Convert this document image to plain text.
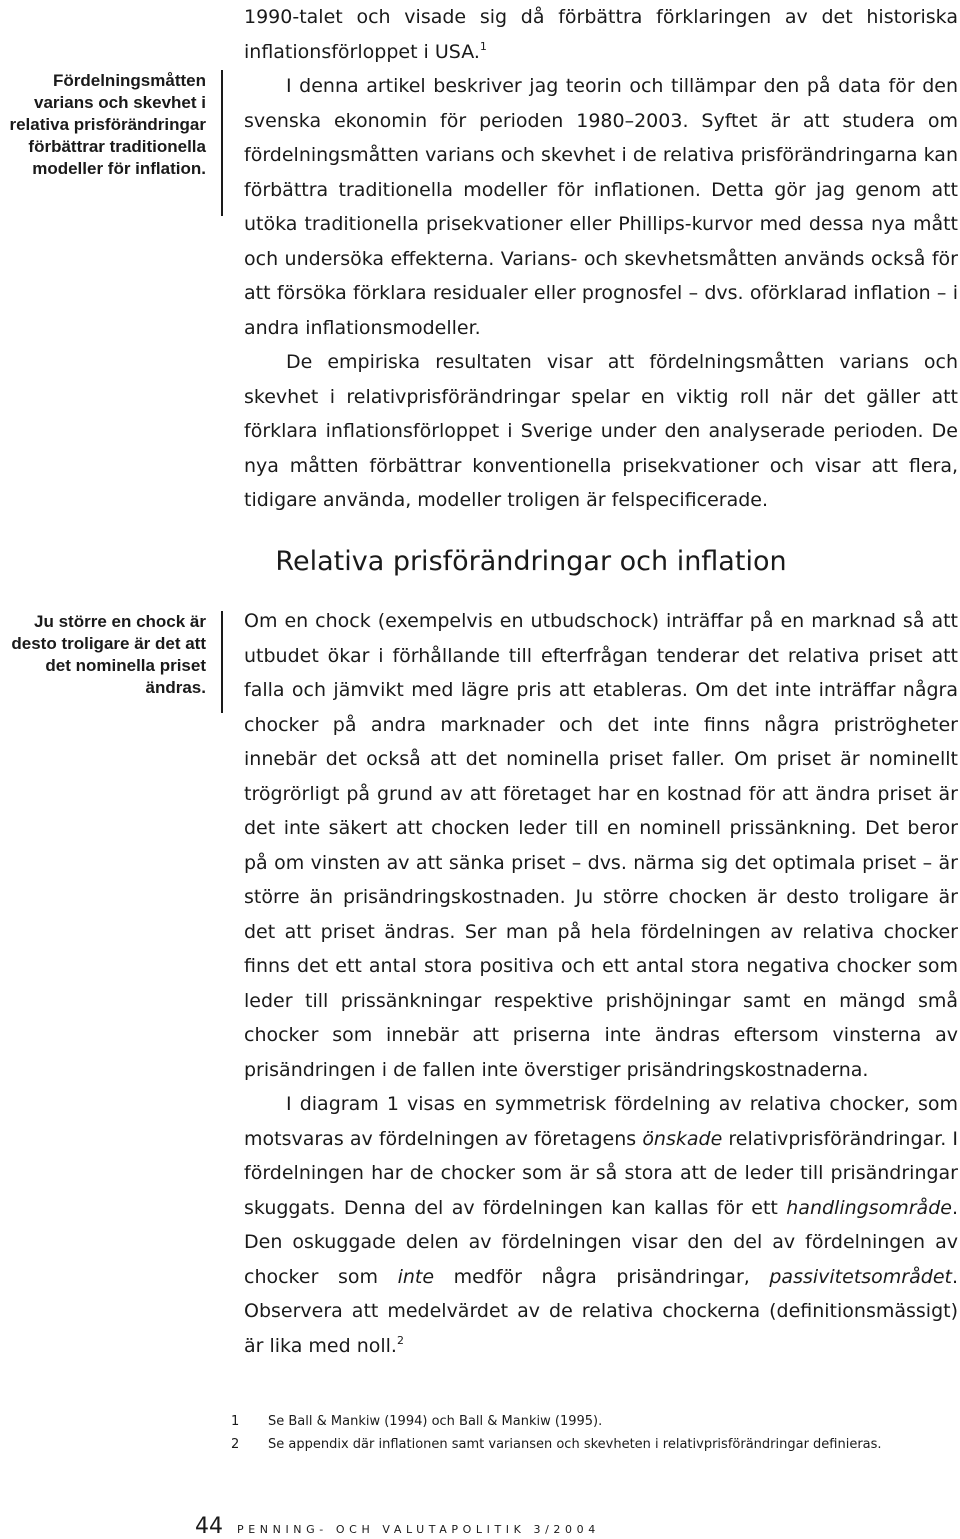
Fördelningsmåtten varians och skevhet i relativa prisförändringar förbättrar traditionella modeller för inflation.
Ju större en chock är desto troligare är det att det nominella priset ändras.

1990-talet och visade sig då förbättra förklaringen av det historiska inflationsförloppet i USA.$^1$

I denna artikel beskriver jag teorin och tillämpar den på data för den svenska ekonomin för perioden 1980–2003. Syftet är att studera om fördelningsmåtten varians och skevhet i de relativa prisförändringarna kan förbättra traditionella modeller för inflationen. Detta gör jag genom att utöka traditionella prisekvationer eller Phillips-kurvor med dessa nya mått och undersöka effekterna. Varians- och skevhetsmåtten används också för att försöka förklara residualer eller prognosfel – dvs. oförklarad inflation – i andra inflationsmodeller.

De empiriska resultaten visar att fördelningsmåtten varians och skevhet i relativprisförändringar spelar en viktig roll när det gäller att förklara inflationsförloppet i Sverige under den analyserade perioden. De nya måtten förbättrar konventionella prisekvationer och visar att flera, tidigare använda, modeller troligen är felspecificerade.

Relativa prisförändringar och inflation

Om en chock (exempelvis en utbudschock) inträffar på en marknad så att utbudet ökar i förhållande till efterfrågan tenderar det relativa priset att falla och jämvikt med lägre pris att etableras. Om det inte inträffar några chocker på andra marknader och det inte finns några priströgheter innebär det också att det nominella priset faller. Om priset är nominellt trögrörligt på grund av att företaget har en kostnad för att ändra priset är det inte säkert att chocken leder till en nominell prissänkning. Det beror på om vinsten av att sänka priset – dvs. närma sig det optimala priset – är större än prisändringskostnaden. Ju större chocken är desto troligare är det att priset ändras. Ser man på hela fördelningen av relativa chocker finns det ett antal stora positiva och ett antal stora negativa chocker som leder till prissänkningar respektive prishöjningar samt en mängd små chocker som innebär att priserna inte ändras eftersom vinsterna av prisändringen i de fallen inte överstiger prisändringskostnaderna.

I diagram 1 visas en symmetrisk fördelning av relativa chocker, som motsvaras av fördelningen av företagens önskade relativprisförändringar. I fördelningen har de chocker som är så stora att de leder till prisändringar skuggats. Denna del av fördelningen kan kallas för ett handlingsområde. Den oskuggade delen av fördelningen visar den del av fördelningen av chocker som inte medför några prisändringar, passivitetsområdet. Observera att medelvärdet av de relativa chockerna (definitionsmässigt) är lika med noll.$^2$

1	Se Ball & Mankiw (1994) och Ball & Mankiw (1995).
2	Se appendix där inflationen samt variansen och skevheten i relativprisförändringar definieras.
44 PENNING- OCH VALUTAPOLITIK 3/2004
